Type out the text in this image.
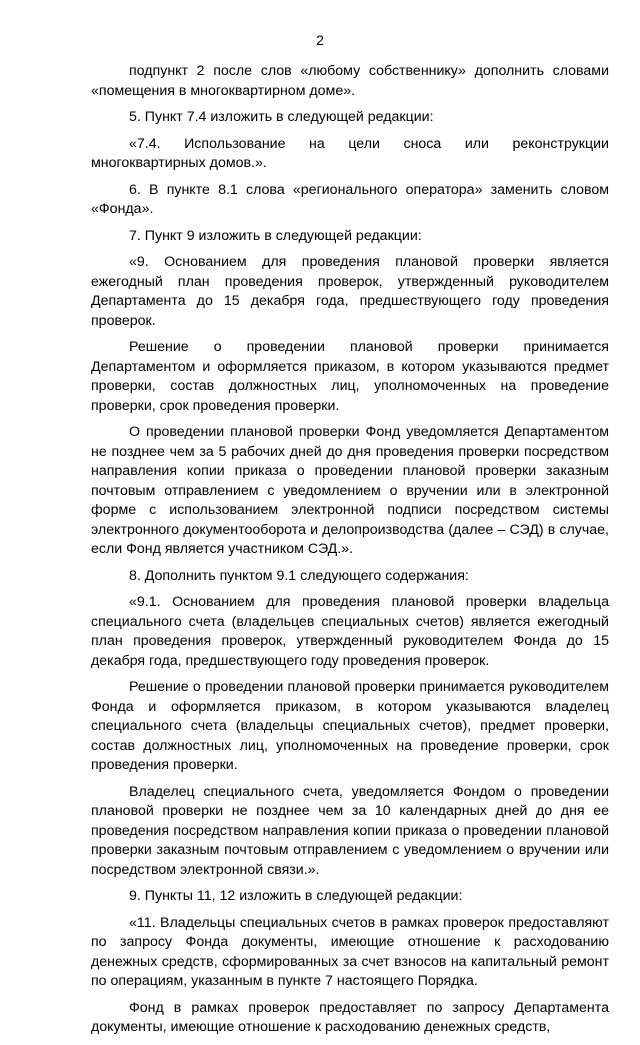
2

подпункт 2 после слов «любому собственнику» дополнить словами «помещения в многоквартирном доме».

5. Пункт 7.4 изложить в следующей редакции:

«7.4. Использование на цели сноса или реконструкции многоквартирных домов.».

6. В пункте 8.1 слова «регионального оператора» заменить словом «Фонда».

7. Пункт 9 изложить в следующей редакции:

«9. Основанием для проведения плановой проверки является ежегодный план проведения проверок, утвержденный руководителем Департамента до 15 декабря года, предшествующего году проведения проверок.

Решение о проведении плановой проверки принимается Департаментом и оформляется приказом, в котором указываются предмет проверки, состав должностных лиц, уполномоченных на проведение проверки, срок проведения проверки.

О проведении плановой проверки Фонд уведомляется Департаментом не позднее чем за 5 рабочих дней до дня проведения проверки посредством направления копии приказа о проведении плановой проверки заказным почтовым отправлением с уведомлением о вручении или в электронной форме с использованием электронной подписи посредством системы электронного документооборота и делопроизводства (далее – СЭД) в случае, если Фонд является участником СЭД.».

8. Дополнить пунктом 9.1 следующего содержания:

«9.1. Основанием для проведения плановой проверки владельца специального счета (владельцев специальных счетов) является ежегодный план проведения проверок, утвержденный руководителем Фонда до 15 декабря года, предшествующего году проведения проверок.

Решение о проведении плановой проверки принимается руководителем Фонда и оформляется приказом, в котором указываются владелец специального счета (владельцы специальных счетов), предмет проверки, состав должностных лиц, уполномоченных на проведение проверки, срок проведения проверки.

Владелец специального счета, уведомляется Фондом о проведении плановой проверки не позднее чем за 10 календарных дней до дня ее проведения посредством направления копии приказа о проведении плановой проверки заказным почтовым отправлением с уведомлением о вручении или посредством электронной связи.».

9. Пункты 11, 12 изложить в следующей редакции:

«11. Владельцы специальных счетов в рамках проверок предоставляют по запросу Фонда документы, имеющие отношение к расходованию денежных средств, сформированных за счет взносов на капитальный ремонт по операциям, указанным в пункте 7 настоящего Порядка.

Фонд в рамках проверок предоставляет по запросу Департамента документы, имеющие отношение к расходованию денежных средств,
